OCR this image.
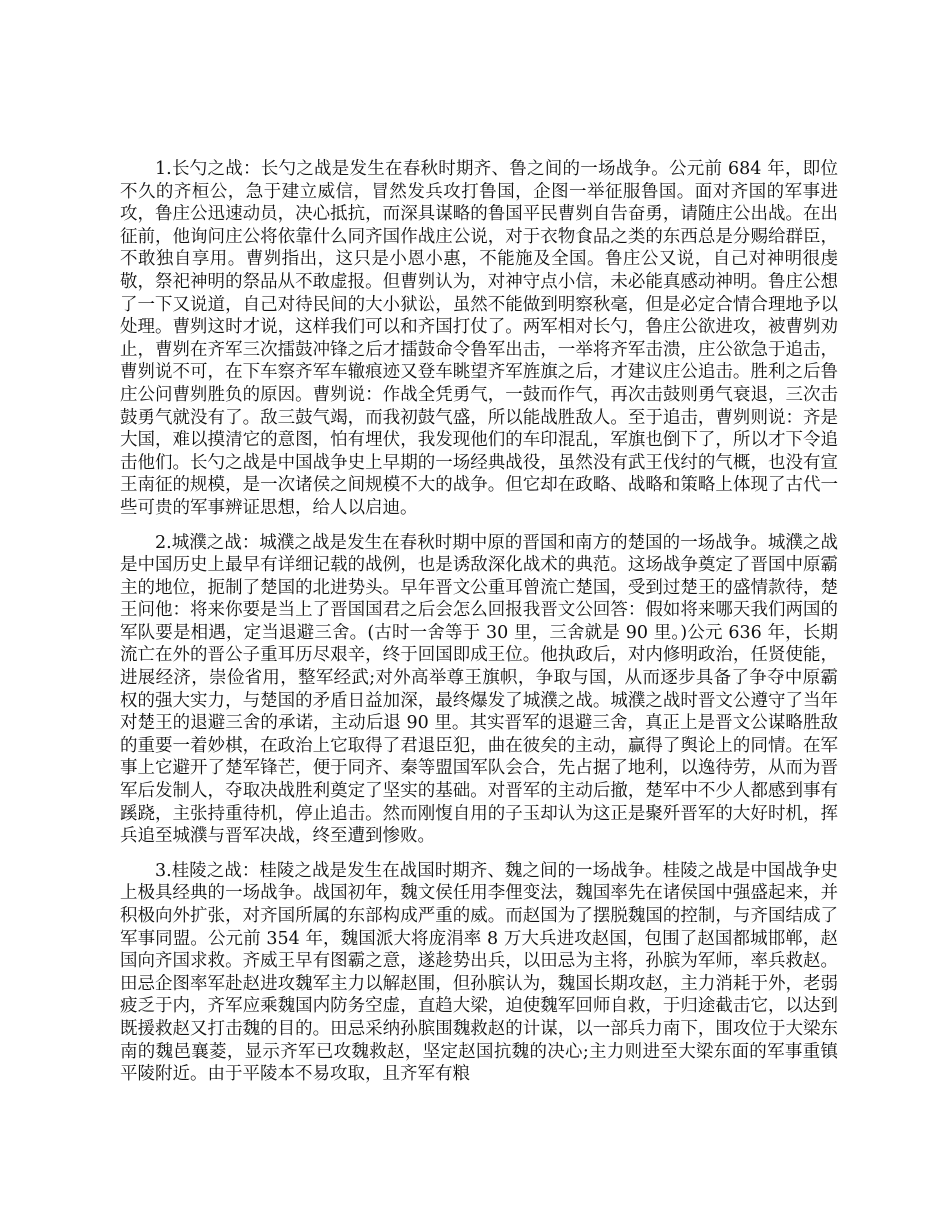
1.长勺之战：长勺之战是发生在春秋时期齐、鲁之间的一场战争。公元前 684 年，即位不久的齐桓公，急于建立威信，冒然发兵攻打鲁国，企图一举征服鲁国。面对齐国的军事进攻，鲁庄公迅速动员，决心抵抗，而深具谋略的鲁国平民曹刿自告奋勇，请随庄公出战。在出征前，他询问庄公将依靠什么同齐国作战庄公说，对于衣物食品之类的东西总是分赐给群臣，不敢独自享用。曹刿指出，这只是小恩小惠，不能施及全国。鲁庄公又说，自己对神明很虔敬，祭祀神明的祭品从不敢虚报。但曹刿认为，对神守点小信，未必能真感动神明。鲁庄公想了一下又说道，自己对待民间的大小狱讼，虽然不能做到明察秋毫，但是必定合情合理地予以处理。曹刿这时才说，这样我们可以和齐国打仗了。两军相对长勺，鲁庄公欲进攻，被曹刿劝止，曹刿在齐军三次擂鼓冲锋之后才擂鼓命令鲁军出击，一举将齐军击溃，庄公欲急于追击，曹刿说不可，在下车察齐军车辙痕迹又登车眺望齐军旌旗之后，才建议庄公追击。胜利之后鲁庄公问曹刿胜负的原因。曹刿说：作战全凭勇气，一鼓而作气，再次击鼓则勇气衰退，三次击鼓勇气就没有了。敌三鼓气竭，而我初鼓气盛，所以能战胜敌人。至于追击，曹刿则说：齐是大国，难以摸清它的意图，怕有埋伏，我发现他们的车印混乱，军旗也倒下了，所以才下令追击他们。长勺之战是中国战争史上早期的一场经典战役，虽然没有武王伐纣的气概，也没有宣王南征的规模，是一次诸侯之间规模不大的战争。但它却在政略、战略和策略上体现了古代一些可贵的军事辨证思想，给人以启迪。

2.城濮之战：城濮之战是发生在春秋时期中原的晋国和南方的楚国的一场战争。城濮之战是中国历史上最早有详细记载的战例，也是诱敌深化战术的典范。这场战争奠定了晋国中原霸主的地位，扼制了楚国的北进势头。早年晋文公重耳曾流亡楚国，受到过楚王的盛情款待，楚王问他：将来你要是当上了晋国国君之后会怎么回报我晋文公回答：假如将来哪天我们两国的军队要是相遇，定当退避三舍。(古时一舍等于 30 里，三舍就是 90 里。)公元 636 年，长期流亡在外的晋公子重耳历尽艰辛，终于回国即成王位。他执政后，对内修明政治，任贤使能，进展经济，崇俭省用，整军经武;对外高举尊王旗帜，争取与国，从而逐步具备了争夺中原霸权的强大实力，与楚国的矛盾日益加深，最终爆发了城濮之战。城濮之战时晋文公遵守了当年对楚王的退避三舍的承诺，主动后退 90 里。其实晋军的退避三舍，真正上是晋文公谋略胜敌的重要一着妙棋，在政治上它取得了君退臣犯，曲在彼矣的主动，赢得了舆论上的同情。在军事上它避开了楚军锋芒，便于同齐、秦等盟国军队会合，先占据了地利，以逸待劳，从而为晋军后发制人，夺取决战胜利奠定了坚实的基础。对晋军的主动后撤，楚军中不少人都感到事有蹊跷，主张持重待机，停止追击。然而刚愎自用的子玉却认为这正是聚歼晋军的大好时机，挥兵追至城濮与晋军决战，终至遭到惨败。

3.桂陵之战：桂陵之战是发生在战国时期齐、魏之间的一场战争。桂陵之战是中国战争史上极具经典的一场战争。战国初年，魏文侯任用李俚变法，魏国率先在诸侯国中强盛起来，并积极向外扩张，对齐国所属的东部构成严重的威。而赵国为了摆脱魏国的控制，与齐国结成了军事同盟。公元前 354 年，魏国派大将庞涓率 8 万大兵进攻赵国，包围了赵国都城邯郸，赵国向齐国求救。齐威王早有图霸之意，遂趁势出兵，以田忌为主将，孙膑为军师，率兵救赵。田忌企图率军赴赵进攻魏军主力以解赵围，但孙膑认为，魏国长期攻赵，主力消耗于外，老弱疲乏于内，齐军应乘魏国内防务空虚，直趋大梁，迫使魏军回师自救，于归途截击它，以达到既援救赵又打击魏的目的。田忌采纳孙膑围魏救赵的计谋，以一部兵力南下，围攻位于大梁东南的魏邑襄菱，显示齐军已攻魏救赵，坚定赵国抗魏的决心;主力则进至大梁东面的军事重镇平陵附近。由于平陵本不易攻取，且齐军有粮
